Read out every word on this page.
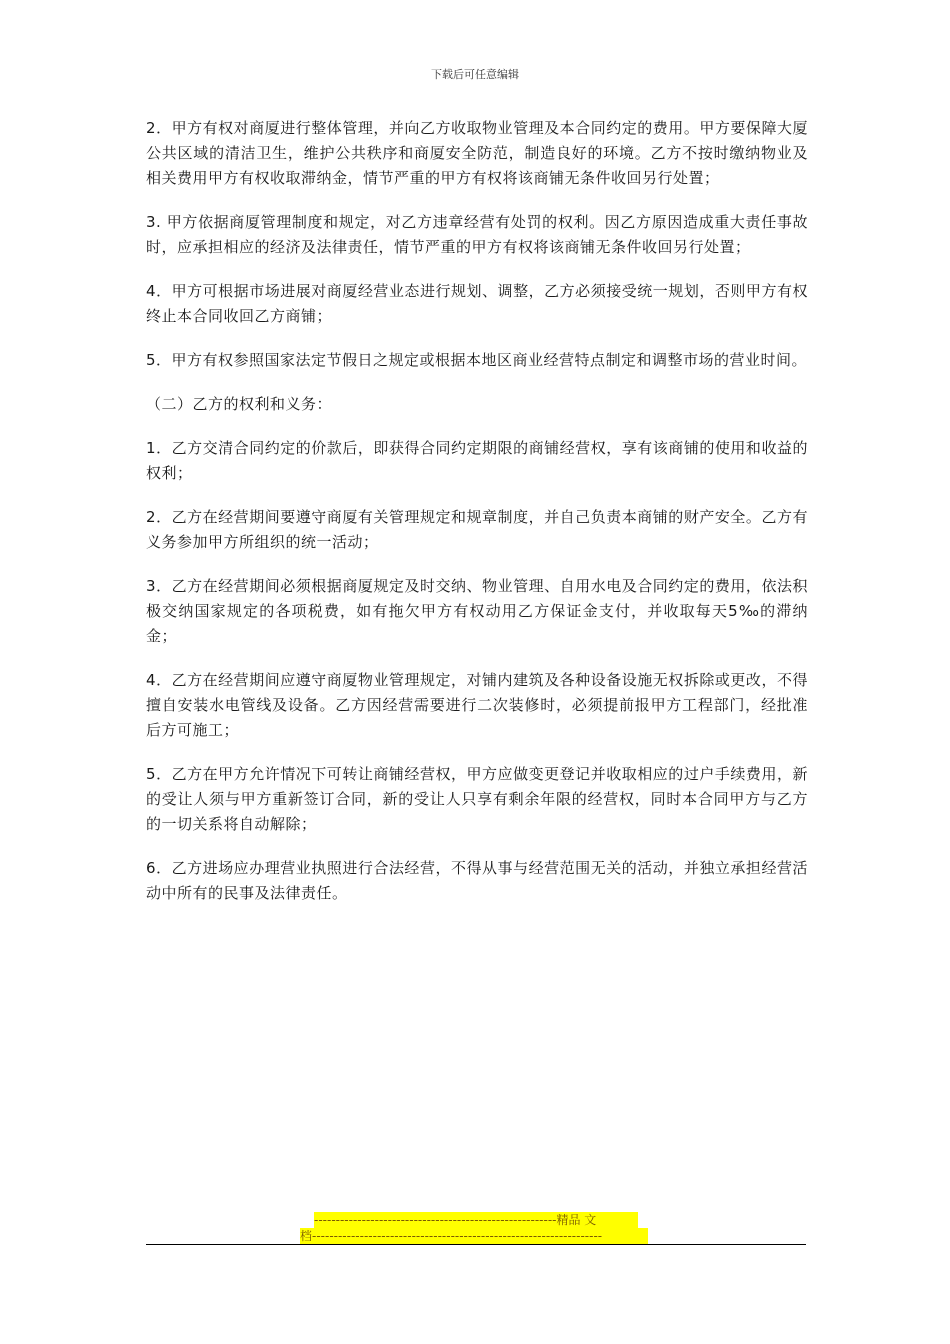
下载后可任意编辑

2．甲方有权对商厦进行整体管理，并向乙方收取物业管理及本合同约定的费用。甲方要保障大厦公共区域的清洁卫生，维护公共秩序和商厦安全防范，制造良好的环境。乙方不按时缴纳物业及相关费用甲方有权收取滞纳金，情节严重的甲方有权将该商铺无条件收回另行处置；

3. 甲方依据商厦管理制度和规定，对乙方违章经营有处罚的权利。因乙方原因造成重大责任事故时，应承担相应的经济及法律责任，情节严重的甲方有权将该商铺无条件收回另行处置；

4．甲方可根据市场进展对商厦经营业态进行规划、调整，乙方必须接受统一规划，否则甲方有权终止本合同收回乙方商铺；

5．甲方有权参照国家法定节假日之规定或根据本地区商业经营特点制定和调整市场的营业时间。

（二）乙方的权利和义务：

1．乙方交清合同约定的价款后，即获得合同约定期限的商铺经营权，享有该商铺的使用和收益的权利；

2．乙方在经营期间要遵守商厦有关管理规定和规章制度，并自己负责本商铺的财产安全。乙方有义务参加甲方所组织的统一活动；

3．乙方在经营期间必须根据商厦规定及时交纳、物业管理、自用水电及合同约定的费用，依法积极交纳国家规定的各项税费，如有拖欠甲方有权动用乙方保证金支付，并收取每天5‰的滞纳金；

4．乙方在经营期间应遵守商厦物业管理规定，对铺内建筑及各种设备设施无权拆除或更改，不得擅自安装水电管线及设备。乙方因经营需要进行二次装修时，必须提前报甲方工程部门，经批准后方可施工；

5．乙方在甲方允许情况下可转让商铺经营权，甲方应做变更登记并收取相应的过户手续费用，新的受让人须与甲方重新签订合同，新的受让人只享有剩余年限的经营权，同时本合同甲方与乙方的一切关系将自动解除；

6．乙方进场应办理营业执照进行合法经营，不得从事与经营范围无关的活动，并独立承担经营活动中所有的民事及法律责任。

--------------------------------------------------------精品 文
档-------------------------------------------------------------------
